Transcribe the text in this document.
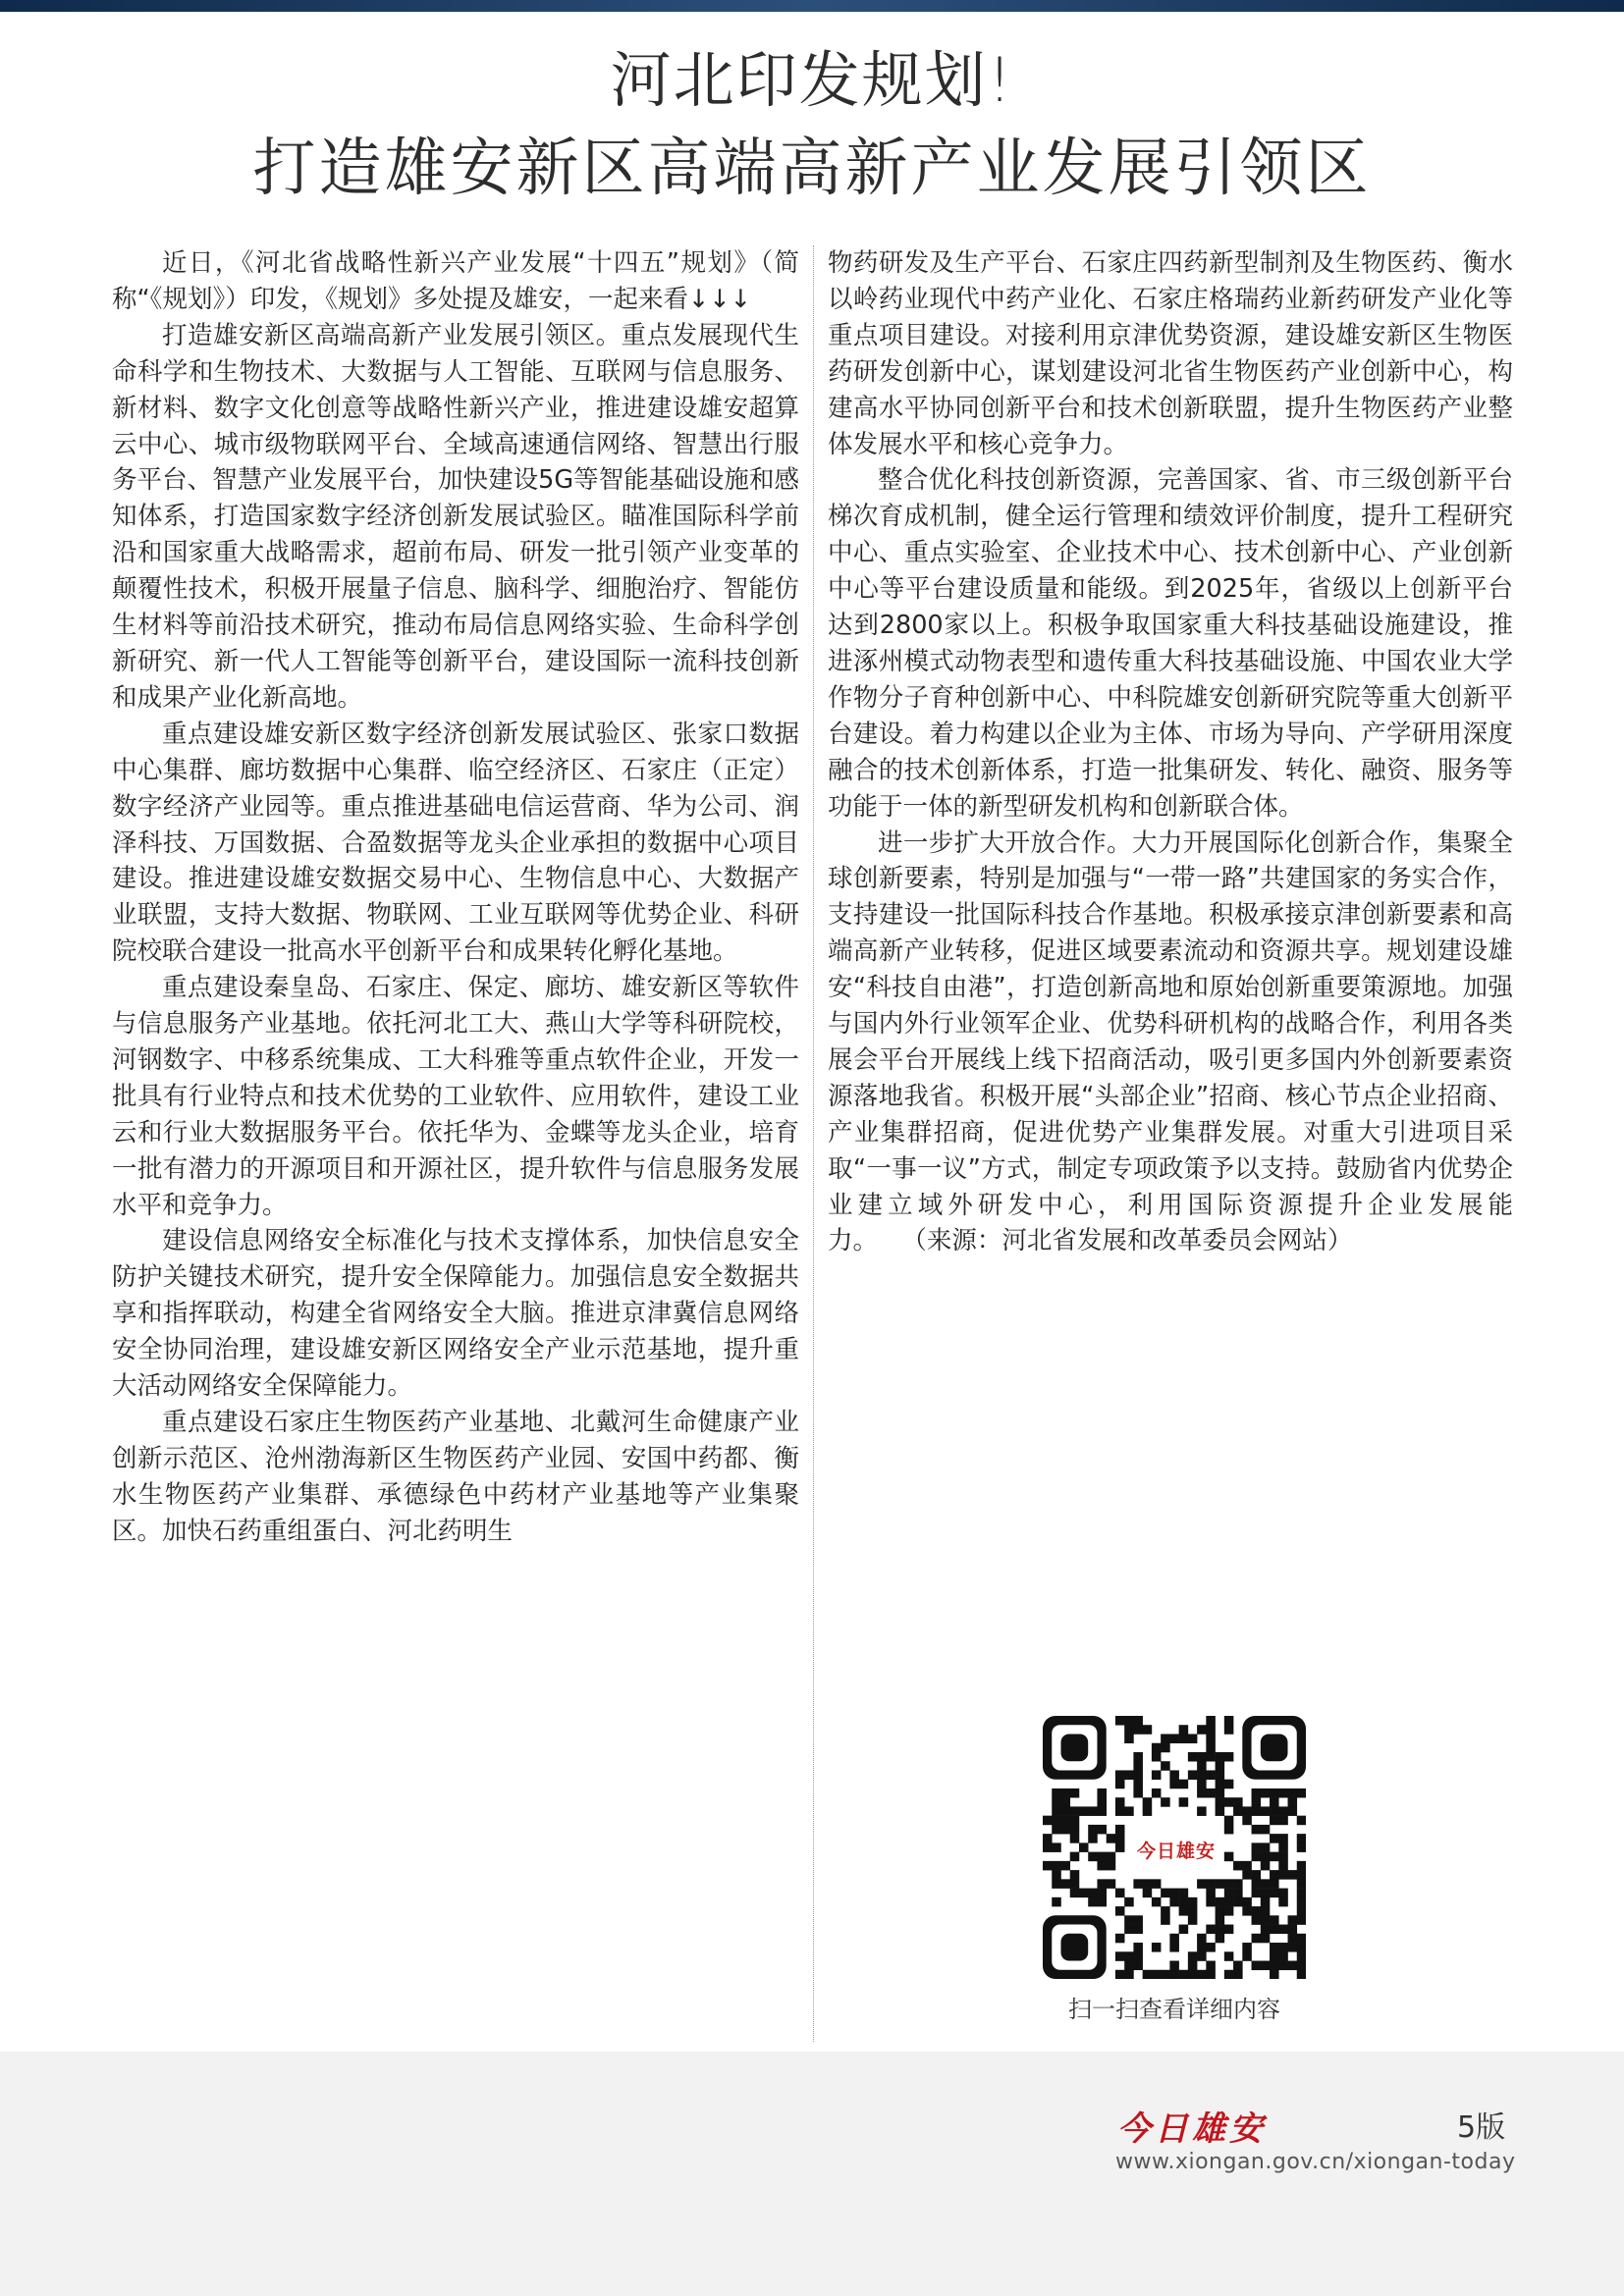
河北印发规划!
打造雄安新区高端高新产业发展引领区

近日，《河北省战略性新兴产业发展“十四五”规划》（简称“《规划》）印发，《规划》多处提及雄安，一起来看↓↓↓

打造雄安新区高端高新产业发展引领区。重点发展现代生命科学和生物技术、大数据与人工智能、互联网与信息服务、新材料、数字文化创意等战略性新兴产业，推进建设雄安超算云中心、城市级物联网平台、全域高速通信网络、智慧出行服务平台、智慧产业发展平台，加快建设5G等智能基础设施和感知体系，打造国家数字经济创新发展试验区。瞄准国际科学前沿和国家重大战略需求，超前布局、研发一批引领产业变革的颠覆性技术，积极开展量子信息、脑科学、细胞治疗、智能仿生材料等前沿技术研究，推动布局信息网络实验、生命科学创新研究、新一代人工智能等创新平台，建设国际一流科技创新和成果产业化新高地。

重点建设雄安新区数字经济创新发展试验区、张家口数据中心集群、廊坊数据中心集群、临空经济区、石家庄（正定）数字经济产业园等。重点推进基础电信运营商、华为公司、润泽科技、万国数据、合盈数据等龙头企业承担的数据中心项目建设。推进建设雄安数据交易中心、生物信息中心、大数据产业联盟，支持大数据、物联网、工业互联网等优势企业、科研院校联合建设一批高水平创新平台和成果转化孵化基地。

重点建设秦皇岛、石家庄、保定、廊坊、雄安新区等软件与信息服务产业基地。依托河北工大、燕山大学等科研院校，河钢数字、中移系统集成、工大科雅等重点软件企业，开发一批具有行业特点和技术优势的工业软件、应用软件，建设工业云和行业大数据服务平台。依托华为、金蝶等龙头企业，培育一批有潜力的开源项目和开源社区，提升软件与信息服务发展水平和竞争力。

建设信息网络安全标准化与技术支撑体系，加快信息安全防护关键技术研究，提升安全保障能力。加强信息安全数据共享和指挥联动，构建全省网络安全大脑。推进京津冀信息网络安全协同治理，建设雄安新区网络安全产业示范基地，提升重大活动网络安全保障能力。

重点建设石家庄生物医药产业基地、北戴河生命健康产业创新示范区、沧州渤海新区生物医药产业园、安国中药都、衡水生物医药产业集群、承德绿色中药材产业基地等产业集聚区。加快石药重组蛋白、河北药明生

物药研发及生产平台、石家庄四药新型制剂及生物医药、衡水以岭药业现代中药产业化、石家庄格瑞药业新药研发产业化等重点项目建设。对接利用京津优势资源，建设雄安新区生物医药研发创新中心，谋划建设河北省生物医药产业创新中心，构建高水平协同创新平台和技术创新联盟，提升生物医药产业整体发展水平和核心竞争力。

整合优化科技创新资源，完善国家、省、市三级创新平台梯次育成机制，健全运行管理和绩效评价制度，提升工程研究中心、重点实验室、企业技术中心、技术创新中心、产业创新中心等平台建设质量和能级。到2025年，省级以上创新平台达到2800家以上。积极争取国家重大科技基础设施建设，推进涿州模式动物表型和遗传重大科技基础设施、中国农业大学作物分子育种创新中心、中科院雄安创新研究院等重大创新平台建设。着力构建以企业为主体、市场为导向、产学研用深度融合的技术创新体系，打造一批集研发、转化、融资、服务等功能于一体的新型研发机构和创新联合体。

进一步扩大开放合作。大力开展国际化创新合作，集聚全球创新要素，特别是加强与“一带一路”共建国家的务实合作，支持建设一批国际科技合作基地。积极承接京津创新要素和高端高新产业转移，促进区域要素流动和资源共享。规划建设雄安“科技自由港”，打造创新高地和原始创新重要策源地。加强与国内外行业领军企业、优势科研机构的战略合作，利用各类展会平台开展线上线下招商活动，吸引更多国内外创新要素资源落地我省。积极开展“头部企业”招商、核心节点企业招商、产业集群招商，促进优势产业集群发展。对重大引进项目采取“一事一议”方式，制定专项政策予以支持。鼓励省内优势企业建立域外研发中心，利用国际资源提升企业发展能力。 （来源：河北省发展和改革委员会网站）

今日雄安
扫一扫查看详细内容
今日雄安	5版
www.xiongan.gov.cn/xiongan-today
